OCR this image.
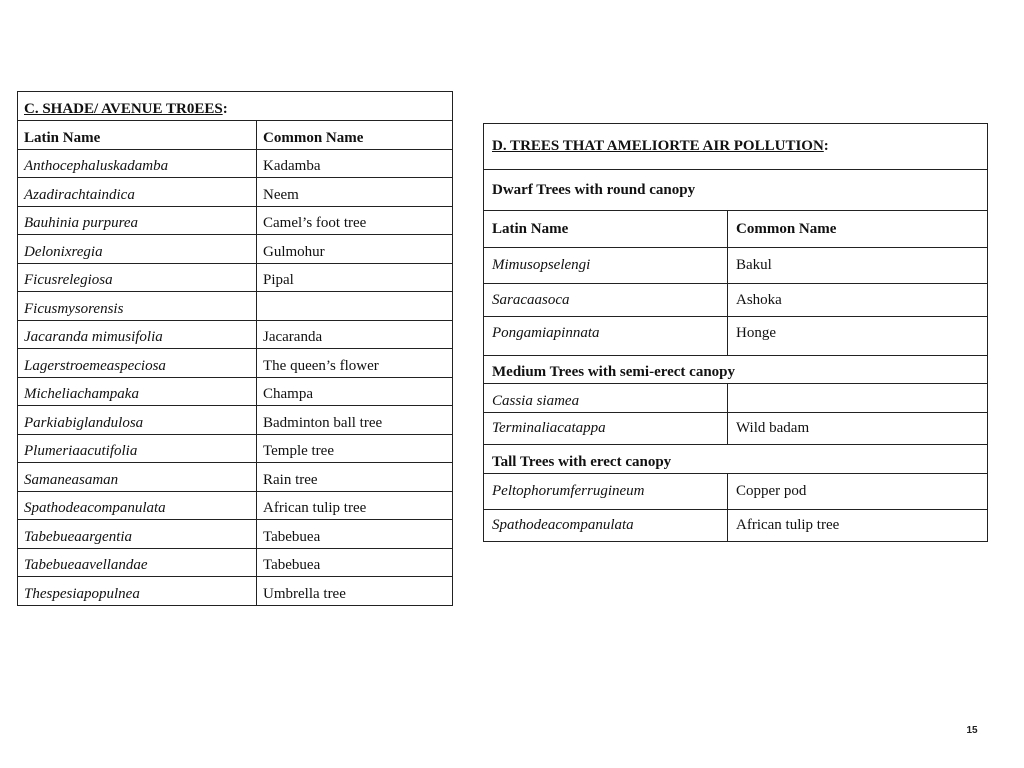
C. SHADE/ AVENUE TR0EES :
Latin Name	Common Name
Anthocephaluskadamba	Kadamba
Azadirachtaindica	Neem
Bauhinia purpurea	Camel’s foot tree
Delonixregia	Gulmohur
Ficusrelegiosa	Pipal
Ficusmysorensis
Jacaranda mimusifolia	Jacaranda
Lagerstroemeaspeciosa	The queen’s flower
Micheliachampaka	Champa
Parkiabiglandulosa	Badminton ball tree
Plumeriaacutifolia	Temple tree
Samaneasaman	Rain tree
Spathodeacompanulata	African tulip tree
Tabebueaargentia	Tabebuea
Tabebueaavellandae	Tabebuea
Thespesiapopulnea	Umbrella tree
D. TREES THAT AMELIORTE AIR POLLUTION :
Dwarf Trees with round canopy
Latin Name	Common Name
Mimusopselengi	Bakul
Saracaasoca	Ashoka
Pongamiapinnata	Honge
Medium Trees with semi-erect canopy
Cassia siamea
Terminaliacatappa	Wild badam
Tall Trees with erect canopy
Peltophorumferrugineum	Copper pod
Spathodeacompanulata	African tulip tree
15
